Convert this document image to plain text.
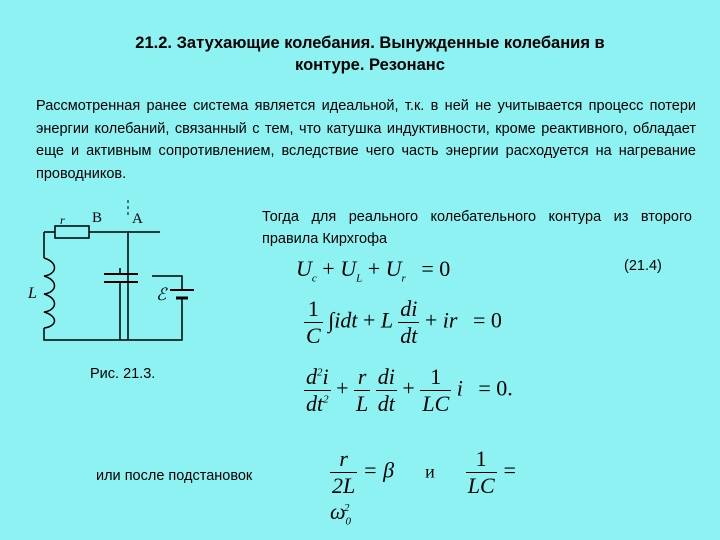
21.2. Затухающие колебания. Вынужденные колебания в
контуре. Резонанс
Рассмотренная ранее система является идеальной, т.к. в ней не учитывается процесс потери энергии колебаний, связанный с тем, что катушка индуктивности, кроме реактивного, обладает еще и активным сопротивлением, вследствие чего часть энергии расходуется на нагревание проводников.
Тогда для реального колебательного контура из второго правила Кирхгофа
r B A
L	ℰ
Рис. 21.3.
$U_c + U_L + U_r = 0$	(21.4)
$\frac{1}{C} \int idt + L \frac{di}{dt}$ + ir = 0
$\frac{d^2i}{dt^2} + \frac{r}{L}$
$\frac{di}{dt} + \frac{1}{LC}$ i = 0.
или после подстановок	$\frac{r}{2L} = \beta$ и $\frac{1}{LC} = \omega_0^2$
